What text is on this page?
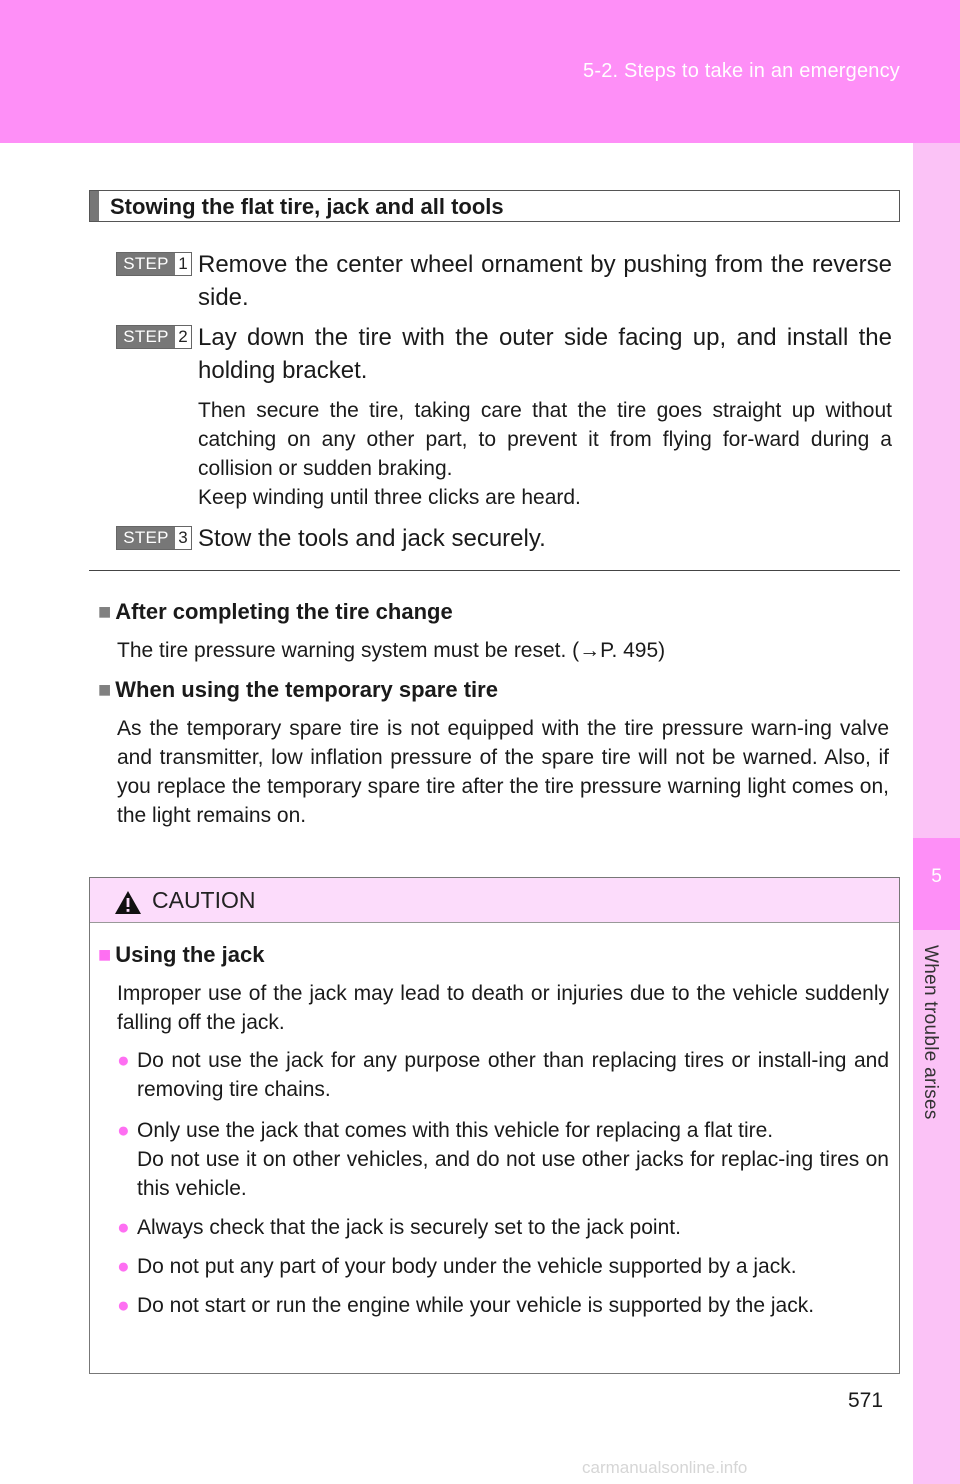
5-2. Steps to take in an emergency
5
When trouble arises
Stowing the flat tire, jack and all tools
STEP 1 Remove the center wheel ornament by pushing from the reverse side.
STEP 2 Lay down the tire with the outer side facing up, and install the holding bracket.

Then secure the tire, taking care that the tire goes straight up without catching on any other part, to prevent it from flying for-ward during a collision or sudden braking.

Keep winding until three clicks are heard.

STEP 3 Stow the tools and jack securely.
■ After completing the tire change
The tire pressure warning system must be reset. (→P. 495)
■ When using the temporary spare tire
As the temporary spare tire is not equipped with the tire pressure warn-ing valve and transmitter, low inflation pressure of the spare tire will not be warned. Also, if you replace the temporary spare tire after the tire pressure warning light comes on, the light remains on.
CAUTION
■ Using the jack
Improper use of the jack may lead to death or injuries due to the vehicle suddenly falling off the jack.
● Do not use the jack for any purpose other than replacing tires or install-ing and removing tire chains.

● Only use the jack that comes with this vehicle for replacing a flat tire.

Do not use it on other vehicles, and do not use other jacks for replac-ing tires on this vehicle.

● Always check that the jack is securely set to the jack point.

● Do not put any part of your body under the vehicle supported by a jack.

● Do not start or run the engine while your vehicle is supported by the jack.

571
carmanualsonline.info
